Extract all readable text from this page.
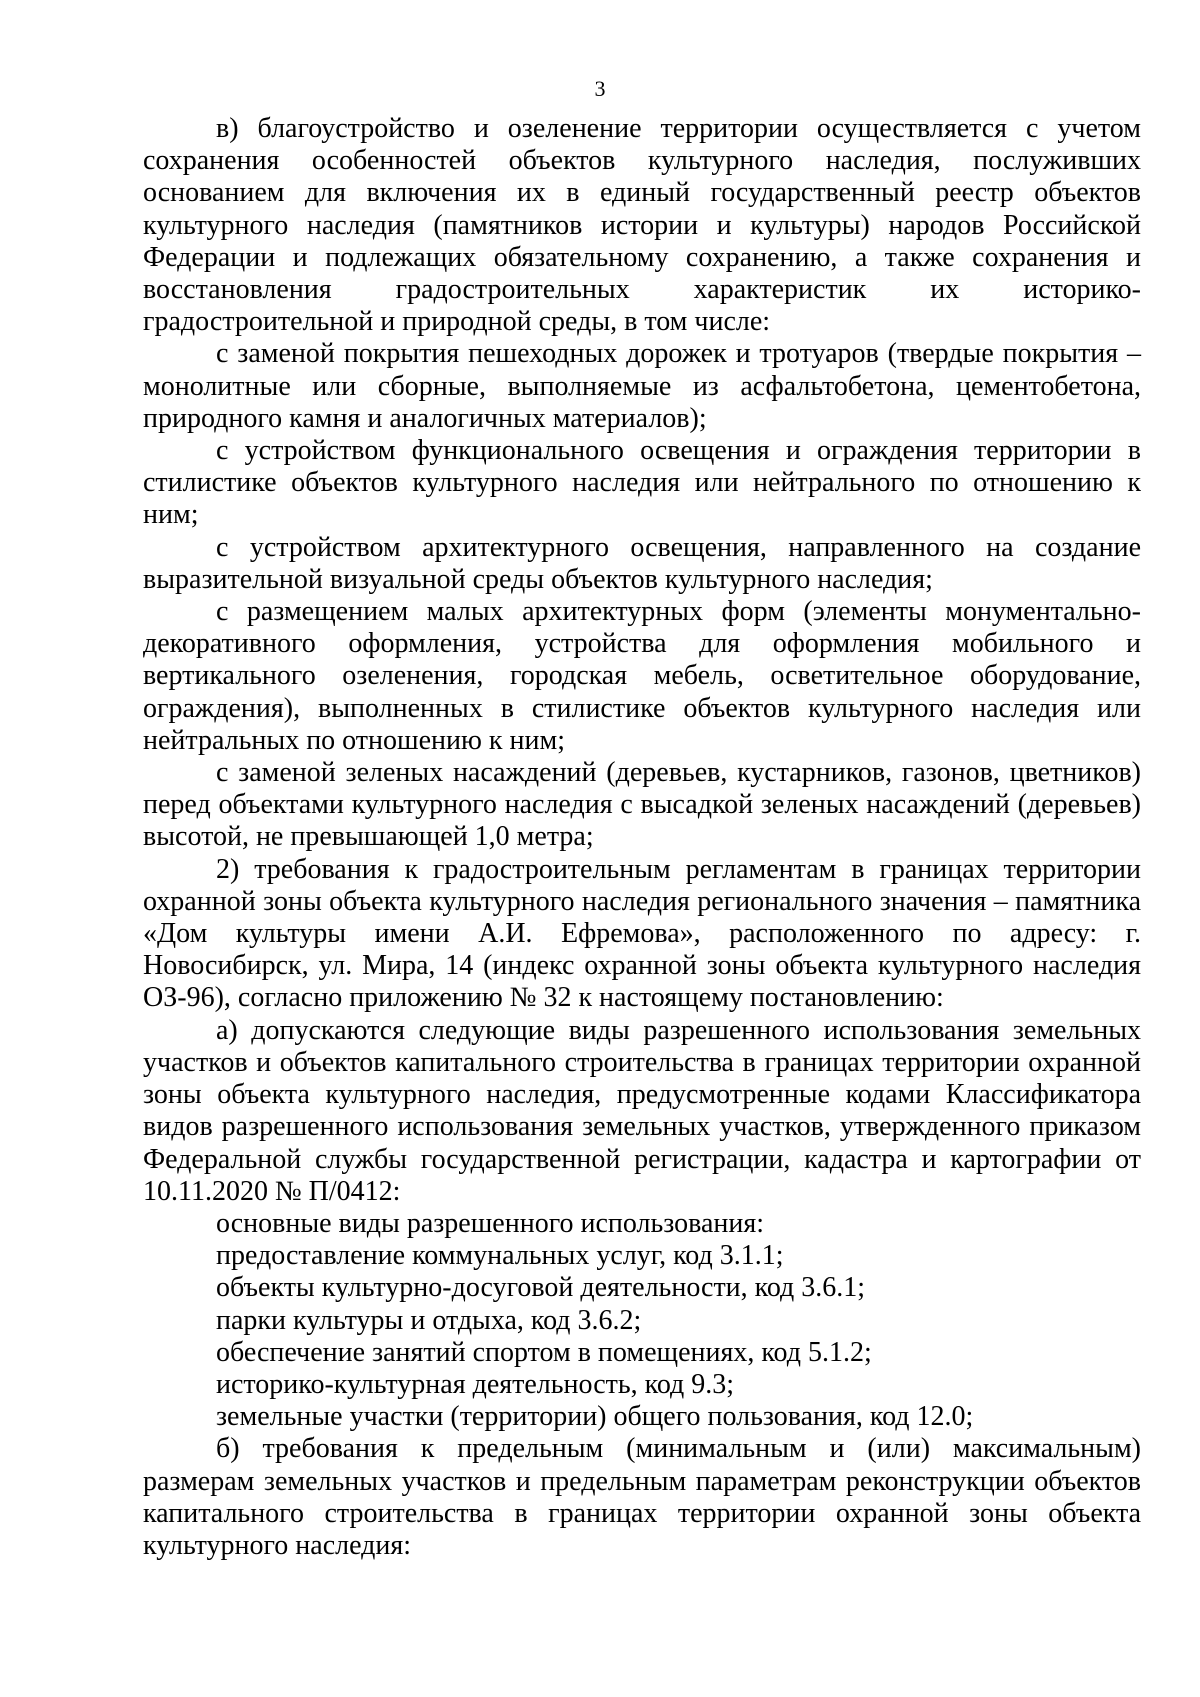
3

в) благоустройство и озеленение территории осуществляется с учетом сохранения особенностей объектов культурного наследия, послуживших основанием для включения их в единый государственный реестр объектов культурного наследия (памятников истории и культуры) народов Российской Федерации и подлежащих обязательному сохранению, а также сохранения и восстановления градостроительных характеристик их историко-градостроительной и природной среды, в том числе:

с заменой покрытия пешеходных дорожек и тротуаров (твердые покрытия – монолитные или сборные, выполняемые из асфальтобетона, цементобетона, природного камня и аналогичных материалов);

с устройством функционального освещения и ограждения территории в стилистике объектов культурного наследия или нейтрального по отношению к ним;

с устройством архитектурного освещения, направленного на создание выразительной визуальной среды объектов культурного наследия;

с размещением малых архитектурных форм (элементы монументально-декоративного оформления, устройства для оформления мобильного и вертикального озеленения, городская мебель, осветительное оборудование, ограждения), выполненных в стилистике объектов культурного наследия или нейтральных по отношению к ним;

с заменой зеленых насаждений (деревьев, кустарников, газонов, цветников) перед объектами культурного наследия с высадкой зеленых насаждений (деревьев) высотой, не превышающей 1,0 метра;

2) требования к градостроительным регламентам в границах территории охранной зоны объекта культурного наследия регионального значения – памятника «Дом культуры имени А.И. Ефремова», расположенного по адресу: г. Новосибирск, ул. Мира, 14 (индекс охранной зоны объекта культурного наследия ОЗ-96), согласно приложению № 32 к настоящему постановлению:

а) допускаются следующие виды разрешенного использования земельных участков и объектов капитального строительства в границах территории охранной зоны объекта культурного наследия, предусмотренные кодами Классификатора видов разрешенного использования земельных участков, утвержденного приказом Федеральной службы государственной регистрации, кадастра и картографии от 10.11.2020 № П/0412:

основные виды разрешенного использования:

предоставление коммунальных услуг, код 3.1.1;

объекты культурно-досуговой деятельности, код 3.6.1;

парки культуры и отдыха, код 3.6.2;

обеспечение занятий спортом в помещениях, код 5.1.2;

историко-культурная деятельность, код 9.3;

земельные участки (территории) общего пользования, код 12.0;

б) требования к предельным (минимальным и (или) максимальным) размерам земельных участков и предельным параметрам реконструкции объектов капитального строительства в границах территории охранной зоны объекта культурного наследия:
